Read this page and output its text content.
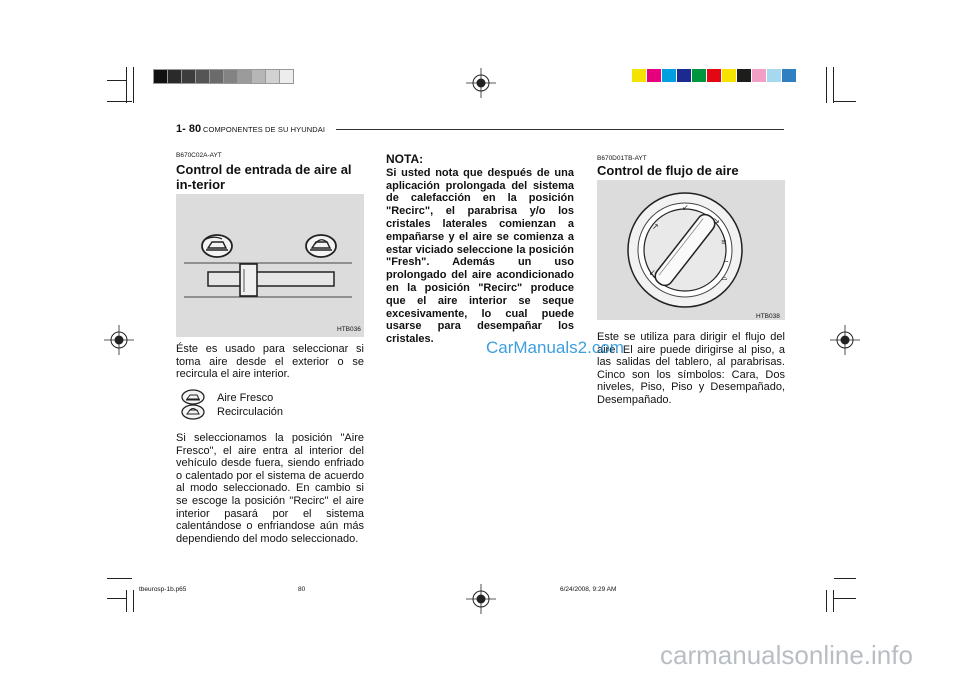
1- 80 COMPONENTES DE SU HYUNDAI
B670C02A-AYT
Control de entrada de aire al in-terior
HTB036
Éste es usado para seleccionar si toma aire desde el exterior o se recircula el aire interior.
Aire Fresco
Recirculación
Si seleccionamos la posición "Aire Fresco", el aire entra al interior del vehículo desde fuera, siendo enfriado o calentado por el sistema de acuerdo al modo seleccionado. En cambio si se escoge la posición "Recirc" el aire interior pasará por el sistema calentándose o enfriandose aún más dependiendo del modo seleccionado.
NOTA:
Si usted nota que después de una aplicación prolongada del sistema de calefacción en la posición "Recirc", el parabrisa y/o los cristales laterales comienzan a empañarse y el aire se comienza a estar viciado seleccione la posición "Fresh". Además un uso prolongado del aire acondicionado en la posición "Recirc" produce que el aire interior se seque excesivamente, lo cual puede usarse para desempañar los cristales.
B670D01TB-AYT
Control de flujo de aire
↗
↙
↘
≡
⌐
⌓
↙
HTB038
Este se utiliza para dirigir el flujo del aire. El aire puede dirigirse al piso, a las salidas del tablero, al parabrisas. Cinco son los símbolos: Cara, Dos niveles, Piso, Piso y Desempañado, Desempañado.
CarManuals2.com
carmanualsonline.info
tbeurosp-1b.p65	80	6/24/2008, 9:29 AM
